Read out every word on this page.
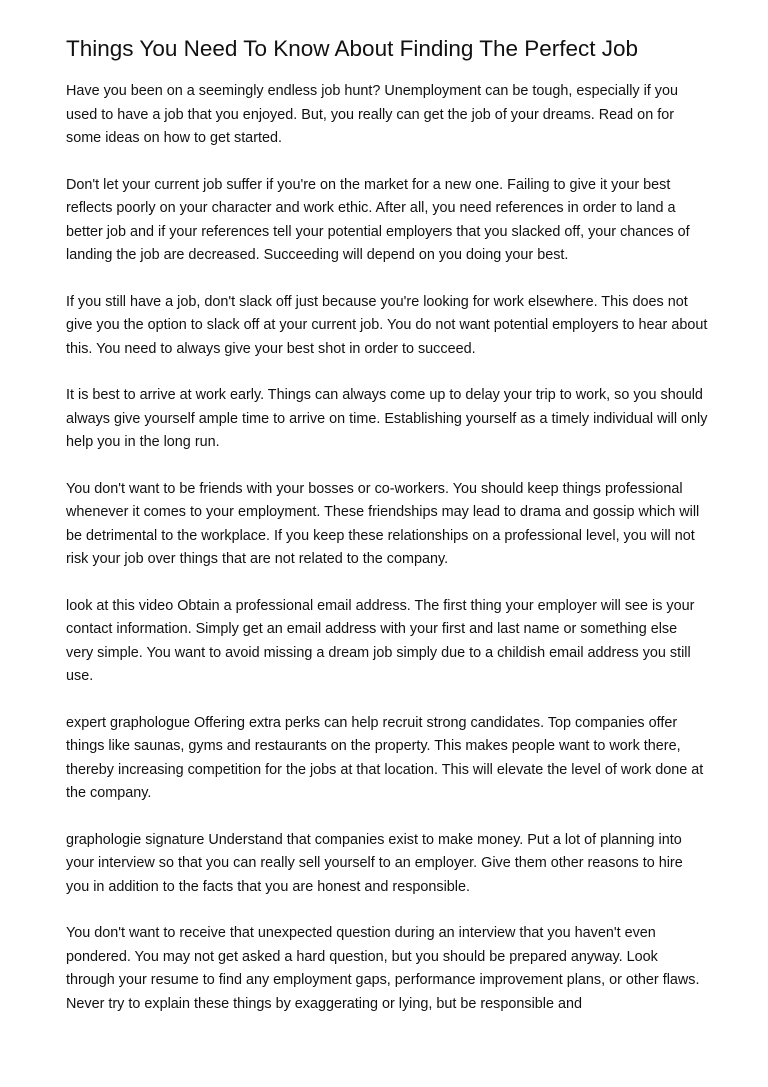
Things You Need To Know About Finding The Perfect Job

Have you been on a seemingly endless job hunt? Unemployment can be tough, especially if you used to have a job that you enjoyed. But, you really can get the job of your dreams. Read on for some ideas on how to get started.

Don't let your current job suffer if you're on the market for a new one. Failing to give it your best reflects poorly on your character and work ethic. After all, you need references in order to land a better job and if your references tell your potential employers that you slacked off, your chances of landing the job are decreased. Succeeding will depend on you doing your best.

If you still have a job, don't slack off just because you're looking for work elsewhere. This does not give you the option to slack off at your current job. You do not want potential employers to hear about this. You need to always give your best shot in order to succeed.

It is best to arrive at work early. Things can always come up to delay your trip to work, so you should always give yourself ample time to arrive on time. Establishing yourself as a timely individual will only help you in the long run.

You don't want to be friends with your bosses or co-workers. You should keep things professional whenever it comes to your employment. These friendships may lead to drama and gossip which will be detrimental to the workplace. If you keep these relationships on a professional level, you will not risk your job over things that are not related to the company.

look at this video Obtain a professional email address. The first thing your employer will see is your contact information. Simply get an email address with your first and last name or something else very simple. You want to avoid missing a dream job simply due to a childish email address you still use.

expert graphologue Offering extra perks can help recruit strong candidates. Top companies offer things like saunas, gyms and restaurants on the property. This makes people want to work there, thereby increasing competition for the jobs at that location. This will elevate the level of work done at the company.

graphologie signature Understand that companies exist to make money. Put a lot of planning into your interview so that you can really sell yourself to an employer. Give them other reasons to hire you in addition to the facts that you are honest and responsible.

You don't want to receive that unexpected question during an interview that you haven't even pondered. You may not get asked a hard question, but you should be prepared anyway. Look through your resume to find any employment gaps, performance improvement plans, or other flaws. Never try to explain these things by exaggerating or lying, but be responsible and
